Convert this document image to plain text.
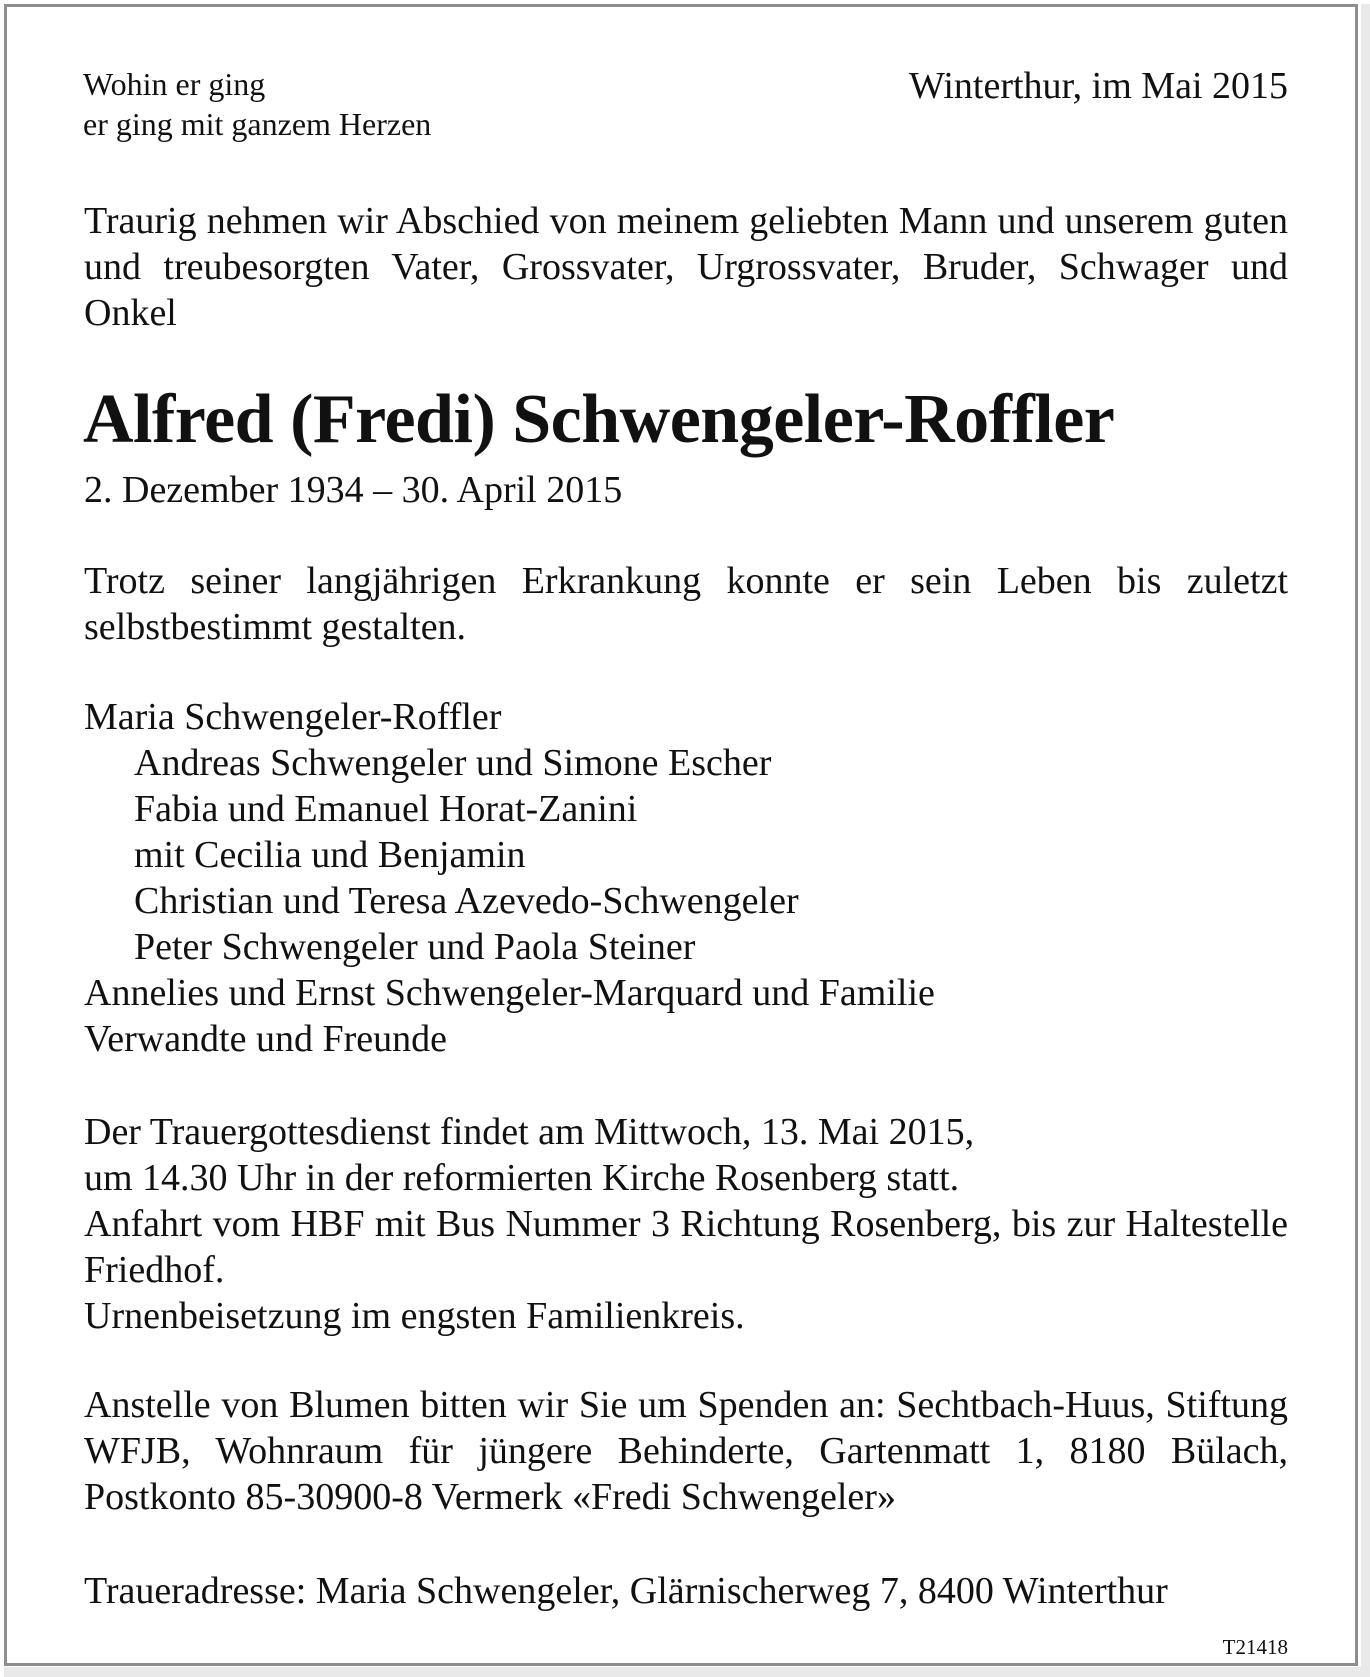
Wohin er ging
er ging mit ganzem Herzen
Winterthur, im Mai 2015
Traurig nehmen wir Abschied von meinem geliebten Mann und unserem guten und treubesorgten Vater, Grossvater, Urgrossvater, Bruder, Schwager und Onkel
Alfred (Fredi) Schwengeler-Roffler
2. Dezember 1934 – 30. April 2015
Trotz seiner langjährigen Erkrankung konnte er sein Leben bis zuletzt selbstbestimmt gestalten.
Maria Schwengeler-Roffler
Andreas Schwengeler und Simone Escher
Fabia und Emanuel Horat-Zanini
mit Cecilia und Benjamin
Christian und Teresa Azevedo-Schwengeler
Peter Schwengeler und Paola Steiner
Annelies und Ernst Schwengeler-Marquard und Familie
Verwandte und Freunde
Der Trauergottesdienst findet am Mittwoch, 13. Mai 2015,
um 14.30 Uhr in der reformierten Kirche Rosenberg statt.
Anfahrt vom HBF mit Bus Nummer 3 Richtung Rosenberg, bis zur Haltestelle Friedhof.
Urnenbeisetzung im engsten Familienkreis.
Anstelle von Blumen bitten wir Sie um Spenden an: Sechtbach-Huus, Stiftung WFJB, Wohnraum für jüngere Behinderte, Gartenmatt 1, 8180 Bülach, Postkonto 85-30900-8 Vermerk «Fredi Schwengeler»
Traueradresse: Maria Schwengeler, Glärnischerweg 7, 8400 Winterthur
T21418
